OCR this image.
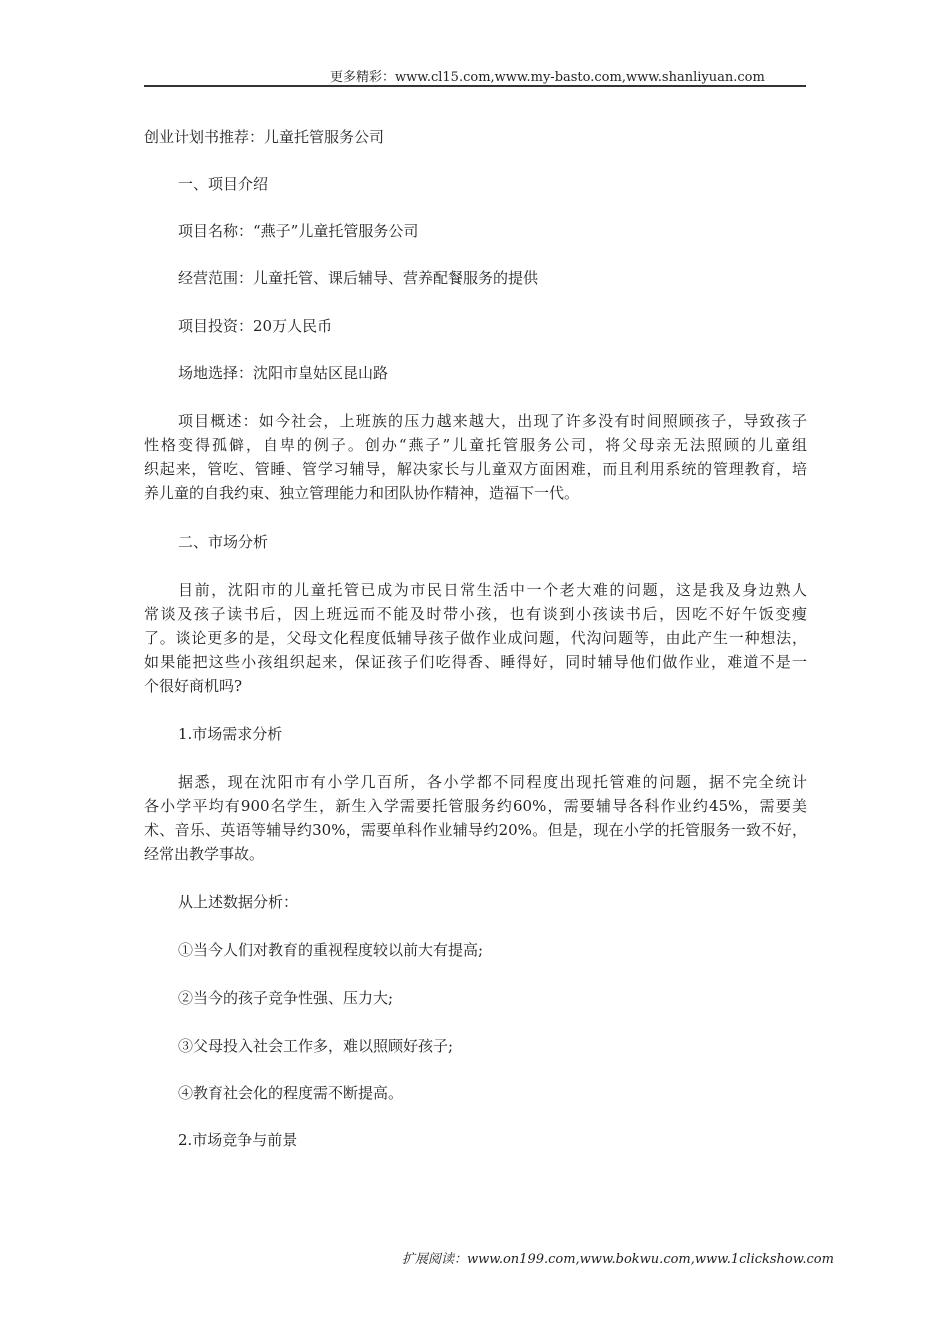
更多精彩：www.cl15.com,www.my-basto.com,www.shanliyuan.com
创业计划书推荐：儿童托管服务公司
一、项目介绍
项目名称：“燕子”儿童托管服务公司
经营范围：儿童托管、课后辅导、营养配餐服务的提供
项目投资：20万人民币
场地选择：沈阳市皇姑区昆山路
项目概述：如今社会，上班族的压力越来越大，出现了许多没有时间照顾孩子，导致孩子
性格变得孤僻，自卑的例子。创办“燕子”儿童托管服务公司，将父母亲无法照顾的儿童组
织起来，管吃、管睡、管学习辅导，解决家长与儿童双方面困难，而且利用系统的管理教育，培
养儿童的自我约束、独立管理能力和团队协作精神，造福下一代。
二、市场分析
目前，沈阳市的儿童托管已成为市民日常生活中一个老大难的问题，这是我及身边熟人
常谈及孩子读书后，因上班远而不能及时带小孩，也有谈到小孩读书后，因吃不好午饭变瘦
了。谈论更多的是，父母文化程度低辅导孩子做作业成问题，代沟问题等，由此产生一种想法，
如果能把这些小孩组织起来，保证孩子们吃得香、睡得好，同时辅导他们做作业，难道不是一
个很好商机吗?
1.市场需求分析
据悉，现在沈阳市有小学几百所，各小学都不同程度出现托管难的问题，据不完全统计
各小学平均有900名学生，新生入学需要托管服务约60%，需要辅导各科作业约45%，需要美
术、音乐、英语等辅导约30%，需要单科作业辅导约20%。但是，现在小学的托管服务一致不好，
经常出教学事故。
从上述数据分析：
①当今人们对教育的重视程度较以前大有提高;
②当今的孩子竞争性强、压力大;
③父母投入社会工作多，难以照顾好孩子;
④教育社会化的程度需不断提高。
2.市场竞争与前景
扩展阅读：www.on199.com,www.bokwu.com,www.1clickshow.com
